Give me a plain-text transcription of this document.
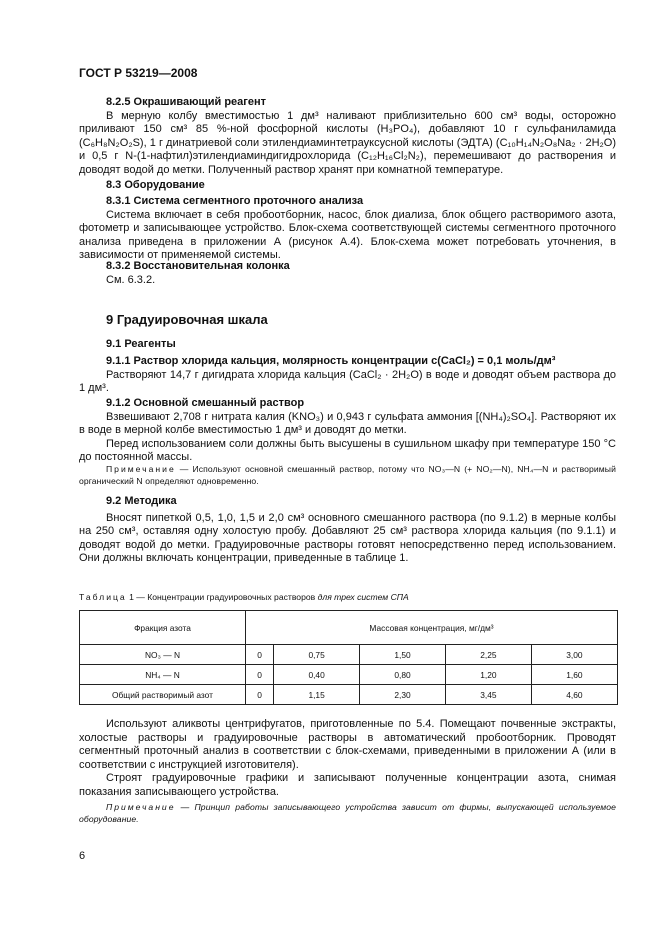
ГОСТ Р 53219—2008

8.2.5 Окрашивающий реагент

В мерную колбу вместимостью 1 дм³ наливают приблизительно 600 см³ воды, осторожно приливают 150 см³ 85 %-ной фосфорной кислоты (H₃PO₄), добавляют 10 г сульфаниламида (C₆H₈N₂O₂S), 1 г динатриевой соли этилендиаминтетрауксусной кислоты (ЭДТА) (C₁₀H₁₄N₂O₈Na₂ · 2H₂O) и 0,5 г N-(1-нафтил)этилендиаминдигидрохлорида (C₁₂H₁₆Cl₂N₂), перемешивают до растворения и доводят водой до метки. Полученный раствор хранят при комнатной температуре.

8.3 Оборудование

8.3.1 Система сегментного проточного анализа

Система включает в себя пробоотборник, насос, блок диализа, блок общего растворимого азота, фотометр и записывающее устройство. Блок-схема соответствующей системы сегментного проточного анализа приведена в приложении А (рисунок А.4). Блок-схема может потребовать уточнения, в зависимости от применяемой системы.

8.3.2 Восстановительная колонка

См. 6.3.2.

9 Градуировочная шкала

9.1 Реагенты

9.1.1 Раствор хлорида кальция, молярность концентрации c(CaCl₂) = 0,1 моль/дм³

Растворяют 14,7 г дигидрата хлорида кальция (CaCl₂ · 2H₂O) в воде и доводят объем раствора до 1 дм³.

9.1.2 Основной смешанный раствор

Взвешивают 2,708 г нитрата калия (KNO₃) и 0,943 г сульфата аммония [(NH₄)₂SO₄]. Растворяют их в воде в мерной колбе вместимостью 1 дм³ и доводят до метки.

Перед использованием соли должны быть высушены в сушильном шкафу при температуре 150 °C до постоянной массы.

Примечание — Используют основной смешанный раствор, потому что NO₃—N (+ NO₂—N), NH₄—N и растворимый органический N определяют одновременно.

9.2 Методика

Вносят пипеткой 0,5, 1,0, 1,5 и 2,0 см³ основного смешанного раствора (по 9.1.2) в мерные колбы на 250 см³, оставляя одну холостую пробу. Добавляют 25 см³ раствора хлорида кальция (по 9.1.1) и доводят водой до метки. Градуировочные растворы готовят непосредственно перед использованием. Они должны включать концентрации, приведенные в таблице 1.

Таблица 1 — Концентрации градуировочных растворов для трех систем СПА
Фракция азота	Массовая концентрация, мг/дм³				
NO₃ — N	0	0,75	1,50	2,25	3,00
NH₄ — N	0	0,40	0,80	1,20	1,60
Общий растворимый азот	0	1,15	2,30	3,45	4,60

Используют аликвоты центрифугатов, приготовленные по 5.4. Помещают почвенные экстракты, холостые растворы и градуировочные растворы в автоматический пробоотборник. Проводят сегментный проточный анализ в соответствии с блок-схемами, приведенными в приложении А (или в соответствии с инструкцией изготовителя).

Строят градуировочные графики и записывают полученные концентрации азота, снимая показания записывающего устройства.

Примечание — Принцип работы записывающего устройства зависит от фирмы, выпускающей используемое оборудование.

6
